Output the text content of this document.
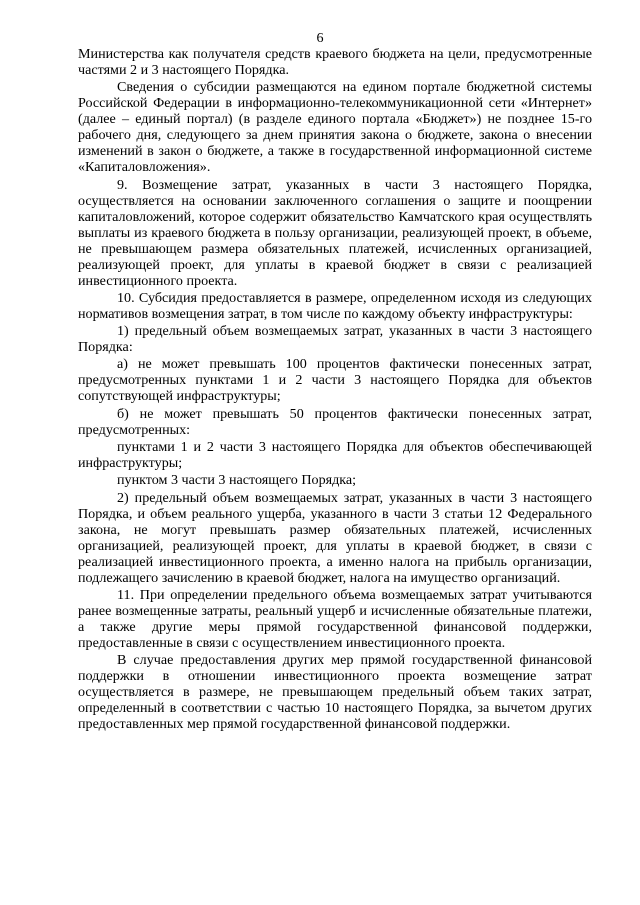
6

Министерства как получателя средств краевого бюджета на цели, предусмотренные частями 2 и 3 настоящего Порядка.

Сведения о субсидии размещаются на едином портале бюджетной системы Российской Федерации в информационно-телекоммуникационной сети «Интернет» (далее – единый портал) (в разделе единого портала «Бюджет») не позднее 15-го рабочего дня, следующего за днем принятия закона о бюджете, закона о внесении изменений в закон о бюджете, а также в государственной информационной системе «Капиталовложения».

9. Возмещение затрат, указанных в части 3 настоящего Порядка, осуществляется на основании заключенного соглашения о защите и поощрении капиталовложений, которое содержит обязательство Камчатского края осуществлять выплаты из краевого бюджета в пользу организации, реализующей проект, в объеме, не превышающем размера обязательных платежей, исчисленных организацией, реализующей проект, для уплаты в краевой бюджет в связи с реализацией инвестиционного проекта.

10. Субсидия предоставляется в размере, определенном исходя из следующих нормативов возмещения затрат, в том числе по каждому объекту инфраструктуры:

1) предельный объем возмещаемых затрат, указанных в части 3 настоящего Порядка:

а) не может превышать 100 процентов фактически понесенных затрат, предусмотренных пунктами 1 и 2 части 3 настоящего Порядка для объектов сопутствующей инфраструктуры;

б) не может превышать 50 процентов фактически понесенных затрат, предусмотренных:

пунктами 1 и 2 части 3 настоящего Порядка для объектов обеспечивающей инфраструктуры;

пунктом 3 части 3 настоящего Порядка;

2) предельный объем возмещаемых затрат, указанных в части 3 настоящего Порядка, и объем реального ущерба, указанного в части 3 статьи 12 Федерального закона, не могут превышать размер обязательных платежей, исчисленных организацией, реализующей проект, для уплаты в краевой бюджет, в связи с реализацией инвестиционного проекта, а именно налога на прибыль организации, подлежащего зачислению в краевой бюджет, налога на имущество организаций.

11. При определении предельного объема возмещаемых затрат учитываются ранее возмещенные затраты, реальный ущерб и исчисленные обязательные платежи, а также другие меры прямой государственной финансовой поддержки, предоставленные в связи с осуществлением инвестиционного проекта.

В случае предоставления других мер прямой государственной финансовой поддержки в отношении инвестиционного проекта возмещение затрат осуществляется в размере, не превышающем предельный объем таких затрат, определенный в соответствии с частью 10 настоящего Порядка, за вычетом других предоставленных мер прямой государственной финансовой поддержки.
